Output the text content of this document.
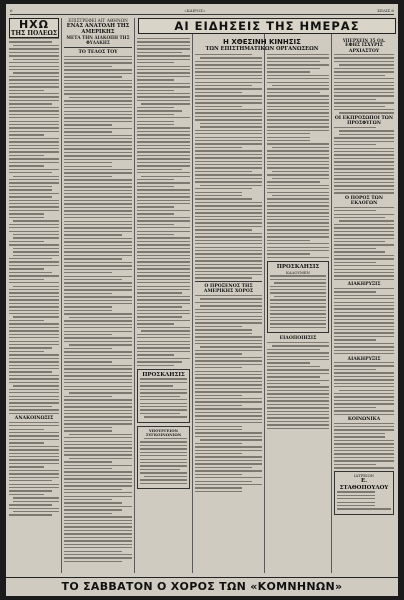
6	«ΚΑΙΡΟΣ»	ΣΕΛΙΣ 6
ΗΧΩ
ΤΗΣ ΠΟΛΕΩΣ
ΑΝΑΚΟΙΝΩΣΙΣ
ΕΠΙΣΤΡΕΦΕΙ ΑΠ' ΑΘΗΝΩΝ
ΕΝΑΣ ΑΝΑΤΟΛΗ ΤΗΣ ΑΜΕΡΙΚΗΣ
ΜΕΤΑ ΤΗΝ ΔΙΑΚΟΠΗ ΤΗΣ ΦΥΛΑΚΗΣ
ΤΟ ΤΕΛΟΣ ΤΟΥ
ΑΙ ΕΙΔΗΣΕΙΣ ΤΗΣ ΗΜΕΡΑΣ
ΠΡΟΣΚΛΗΣΙΣ
ΥΠΟΥΡΓΕΙΟΝ ΣΥΓΚΟΙΝΩΝΙΩΝ
Η ΧΘΕΣΙΝΗ ΚΙΝΗΣΙΣ
ΤΩΝ ΕΠΙΣΤΗΜΑΤΙΚΩΝ ΟΡΓΑΝΩΣΕΩΝ
Ο ΠΡΟΞΕΝΟΣ ΤΗΣ ΑΜΕΡΙΚΗΣ ΧΟΡΟΣ
ΠΡΟΣΚΛΗΣΙΣ
ΚΑΛΟΥΜΕΝ
ΕΙΔΟΠΟΙΗΣΙΣ
ΥΠΕΡΧΕΙΝ 35 ΟΔ.
ΕΦΗΣ ΙΣΧΥΡΙΣ ΑΡΧΙΑΣΤΟΥ
ΟΙ ΕΚΠΡΟΣΩΠΟΙ ΤΩΝ ΠΡΟΣΦΥΓΩΝ
Ο ΠΟΡΟΣ ΤΩΝ ΕΚΛΟΓΩΝ
ΔΙΑΚΗΡΥΞΙΣ
ΔΙΑΚΗΡΥΞΙΣ
ΚΟΙΝΩΝΙΚΑ
ΙΑΤΡΕΙΟΝ
Ε. ΣΤΑΘΟΠΟΥΛΟΥ
ΤΟ ΣΑΒΒΑΤΟΝ Ο ΧΟΡΟΣ ΤΩΝ «ΚΟΜΝΗΝΩΝ»
